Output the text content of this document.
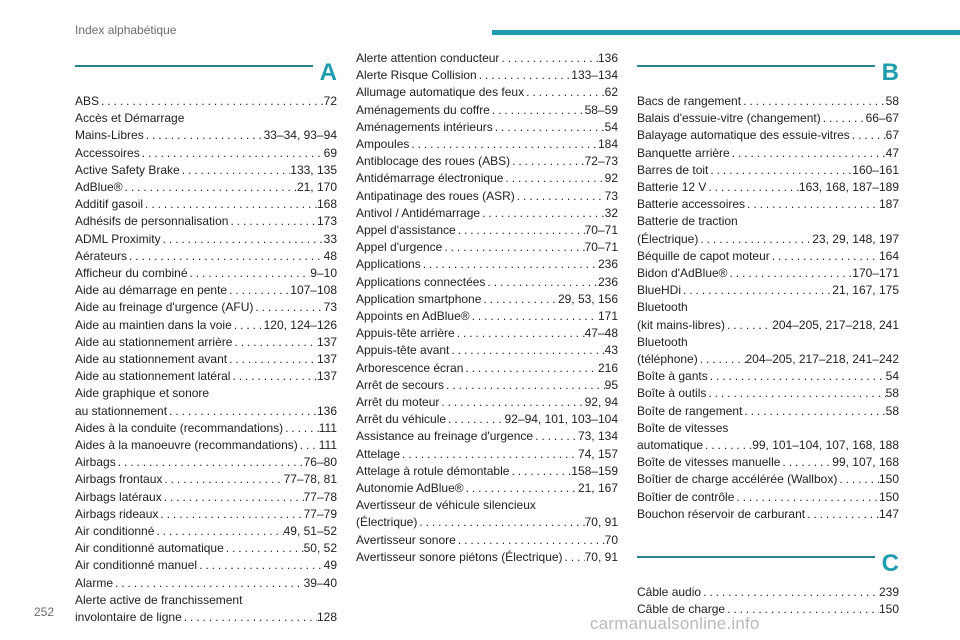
Index alphabétique
A
ABS . . .	72
Accès et Démarrage
Mains-Libres . . .	33–34, 93–94
Accessoires . . .	69
Active Safety Brake . . .	133, 135
AdBlue® . . .	21, 170
Additif gasoil . . .	168
Adhésifs de personnalisation . . .	173
ADML Proximity . . .	33
Aérateurs . . .	48
Afficheur du combiné . . .	9–10
Aide au démarrage en pente . . .	107–108
Aide au freinage d'urgence (AFU) . . .	73
Aide au maintien dans la voie . . .	120, 124–126
Aide au stationnement arrière . . .	137
Aide au stationnement avant . . .	137
Aide au stationnement latéral . . .	137
Aide graphique et sonore
au stationnement . . .	136
Aides à la conduite (recommandations) . . .	111
Aides à la manoeuvre (recommandations) . . . 111
Airbags . . .	76–80
Airbags frontaux . . .	77–78, 81
Airbags latéraux . . .	77–78
Airbags rideaux . . .	77–79
Air conditionné . . .	49, 51–52
Air conditionné automatique . . .	50, 52
Air conditionné manuel . . .	49
Alarme . . .	39–40
Alerte active de franchissement
involontaire de ligne . . .	128
Alerte attention conducteur . . .	136
Alerte Risque Collision . . .	133–134
Allumage automatique des feux . . .	62
Aménagements du coffre . . .	58–59
Aménagements intérieurs . . .	54
Ampoules . . .	184
Antiblocage des roues (ABS) . . .	72–73
Antidémarrage électronique . . .	92
Antipatinage des roues (ASR) . . .	73
Antivol / Antidémarrage . . .	32
Appel d'assistance . . .	70–71
Appel d'urgence . . .	70–71
Applications . . .	236
Applications connectées . . .	236
Application smartphone . . .	29, 53, 156
Appoints en AdBlue® . . .	171
Appuis-tête arrière . . .	47–48
Appuis-tête avant . . .	43
Arborescence écran . . .	216
Arrêt de secours . . .	95
Arrêt du moteur . . .	92, 94
Arrêt du véhicule . . .	92–94, 101, 103–104
Assistance au freinage d'urgence . . .	73, 134
Attelage . . .	74, 157
Attelage à rotule démontable . . .	158–159
Autonomie AdBlue® . . .	21, 167
Avertisseur de véhicule silencieux
(Électrique) . . .	70, 91
Avertisseur sonore . . .	70
Avertisseur sonore piétons (Électrique) . . . 70, 91
B
Bacs de rangement . . .	58
Balais d'essuie-vitre (changement) . . .	66–67
Balayage automatique des essuie-vitres . . .	67
Banquette arrière . . .	47
Barres de toit . . .	160–161
Batterie 12 V . . .	163, 168, 187–189
Batterie accessoires . . .	187
Batterie de traction
(Électrique) . . .	23, 29, 148, 197
Béquille de capot moteur . . .	164
Bidon d'AdBlue® . . .	170–171
BlueHDi . . .	21, 167, 175
Bluetooth
(kit mains-libres) . . .	204–205, 217–218, 241
Bluetooth
(téléphone) . . .	204–205, 217–218, 241–242
Boîte à gants . . .	54
Boîte à outils . . .	58
Boîte de rangement . . .	58
Boîte de vitesses
automatique . . .	99, 101–104, 107, 168, 188
Boîte de vitesses manuelle . . .	99, 107, 168
Boîtier de charge accélérée (Wallbox) . . .	150
Boîtier de contrôle . . .	150
Bouchon réservoir de carburant . . .	147
C
Câble audio . . .	239
Câble de charge . . .	150
252
carmanualsonline.info
